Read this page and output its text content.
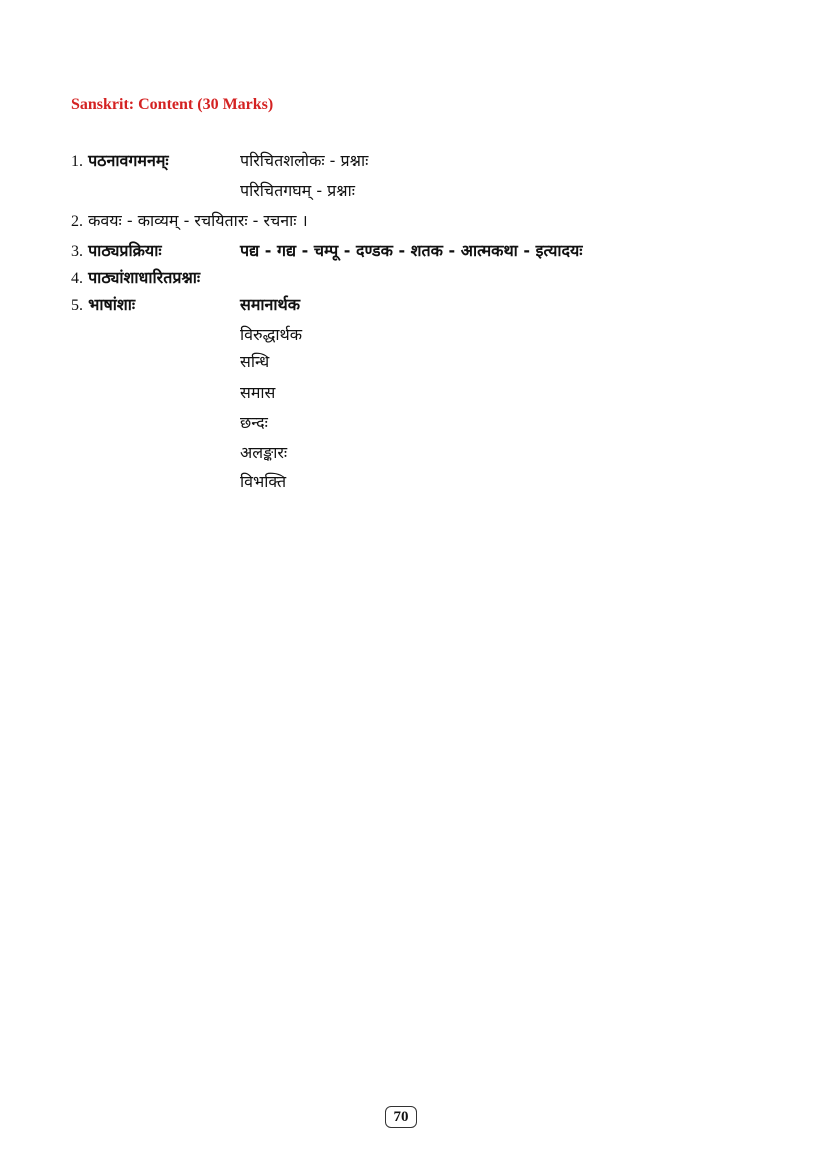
Sanskrit: Content (30 Marks)
1. पठनावगमनम्ः	परिचितशलोकः - प्रश्नाः
परिचितगघम् - प्रश्नाः
2. कवयः - काव्यम् - रचयितारः - रचनाः ।
3. पाठ्यप्रक्रियाः	पद्य - गद्य - चम्पू - दण्डक - शतक - आत्मकथा - इत्यादयः
4. पाठ्यांशाधारितप्रश्नाः
5. भाषांशाः	समानार्थक
विरुद्धार्थक
सन्धि
समास
छन्दः
अलङ्कारः
विभक्ति
70
